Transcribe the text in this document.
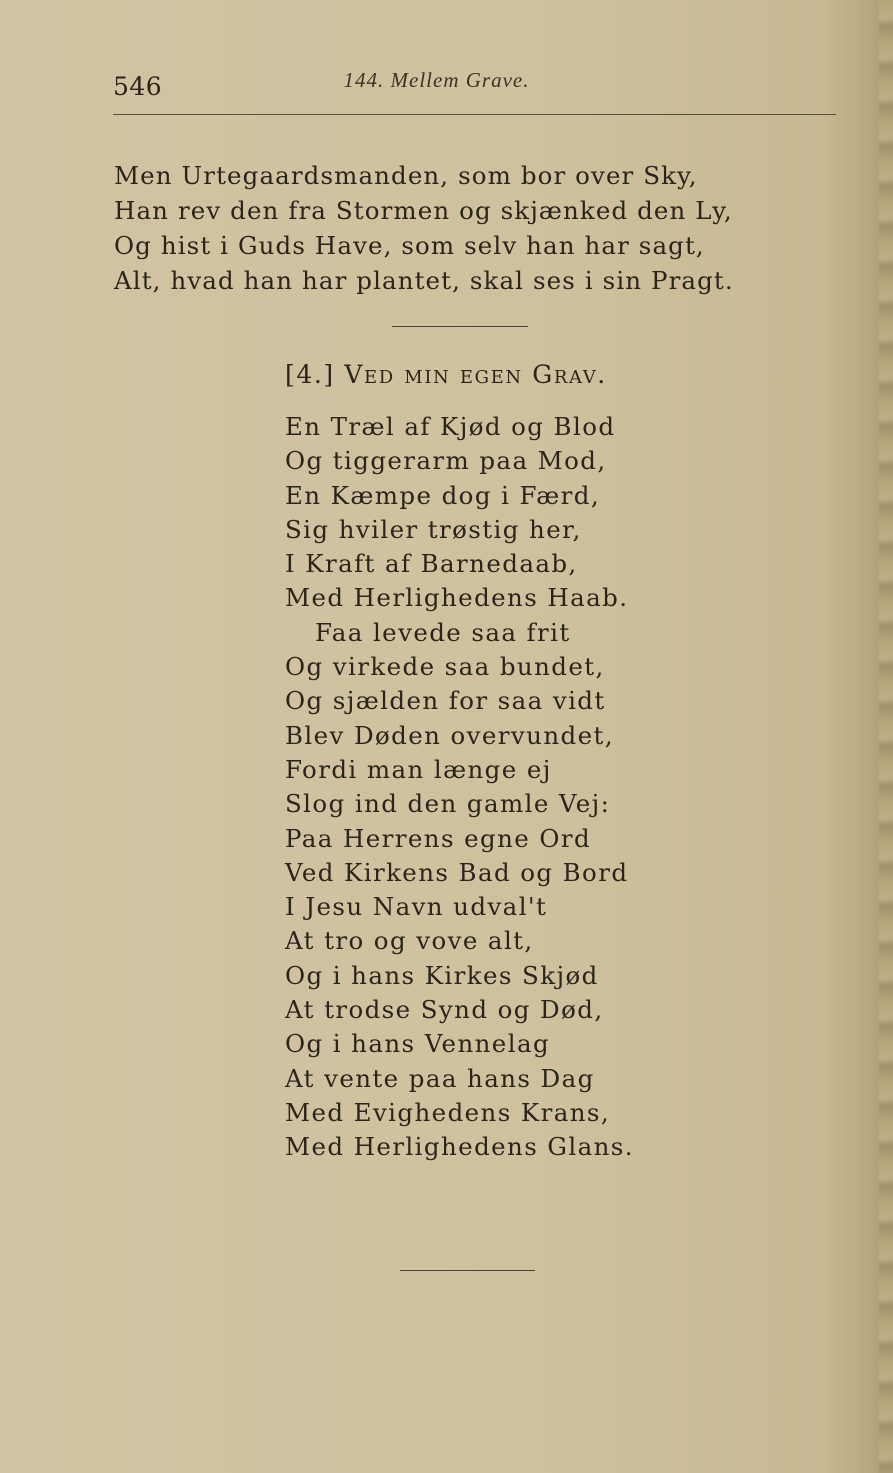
546	144. Mellem Grave.
Men Urtegaardsmanden, som bor over Sky,
Han rev den fra Stormen og skjænked den Ly,
Og hist i Guds Have, som selv han har sagt,
Alt, hvad han har plantet, skal ses i sin Pragt.
[4.] Ved min egen Grav.
En Træl af Kjød og Blod
Og tiggerarm paa Mod,
En Kæmpe dog i Færd,
Sig hviler trøstig her,
I Kraft af Barnedaab,
Med Herlighedens Haab.
Faa levede saa frit
Og virkede saa bundet,
Og sjælden for saa vidt
Blev Døden overvundet,
Fordi man længe ej
Slog ind den gamle Vej:
Paa Herrens egne Ord
Ved Kirkens Bad og Bord
I Jesu Navn udval't
At tro og vove alt,
Og i hans Kirkes Skjød
At trodse Synd og Død,
Og i hans Vennelag
At vente paa hans Dag
Med Evighedens Krans,
Med Herlighedens Glans.
